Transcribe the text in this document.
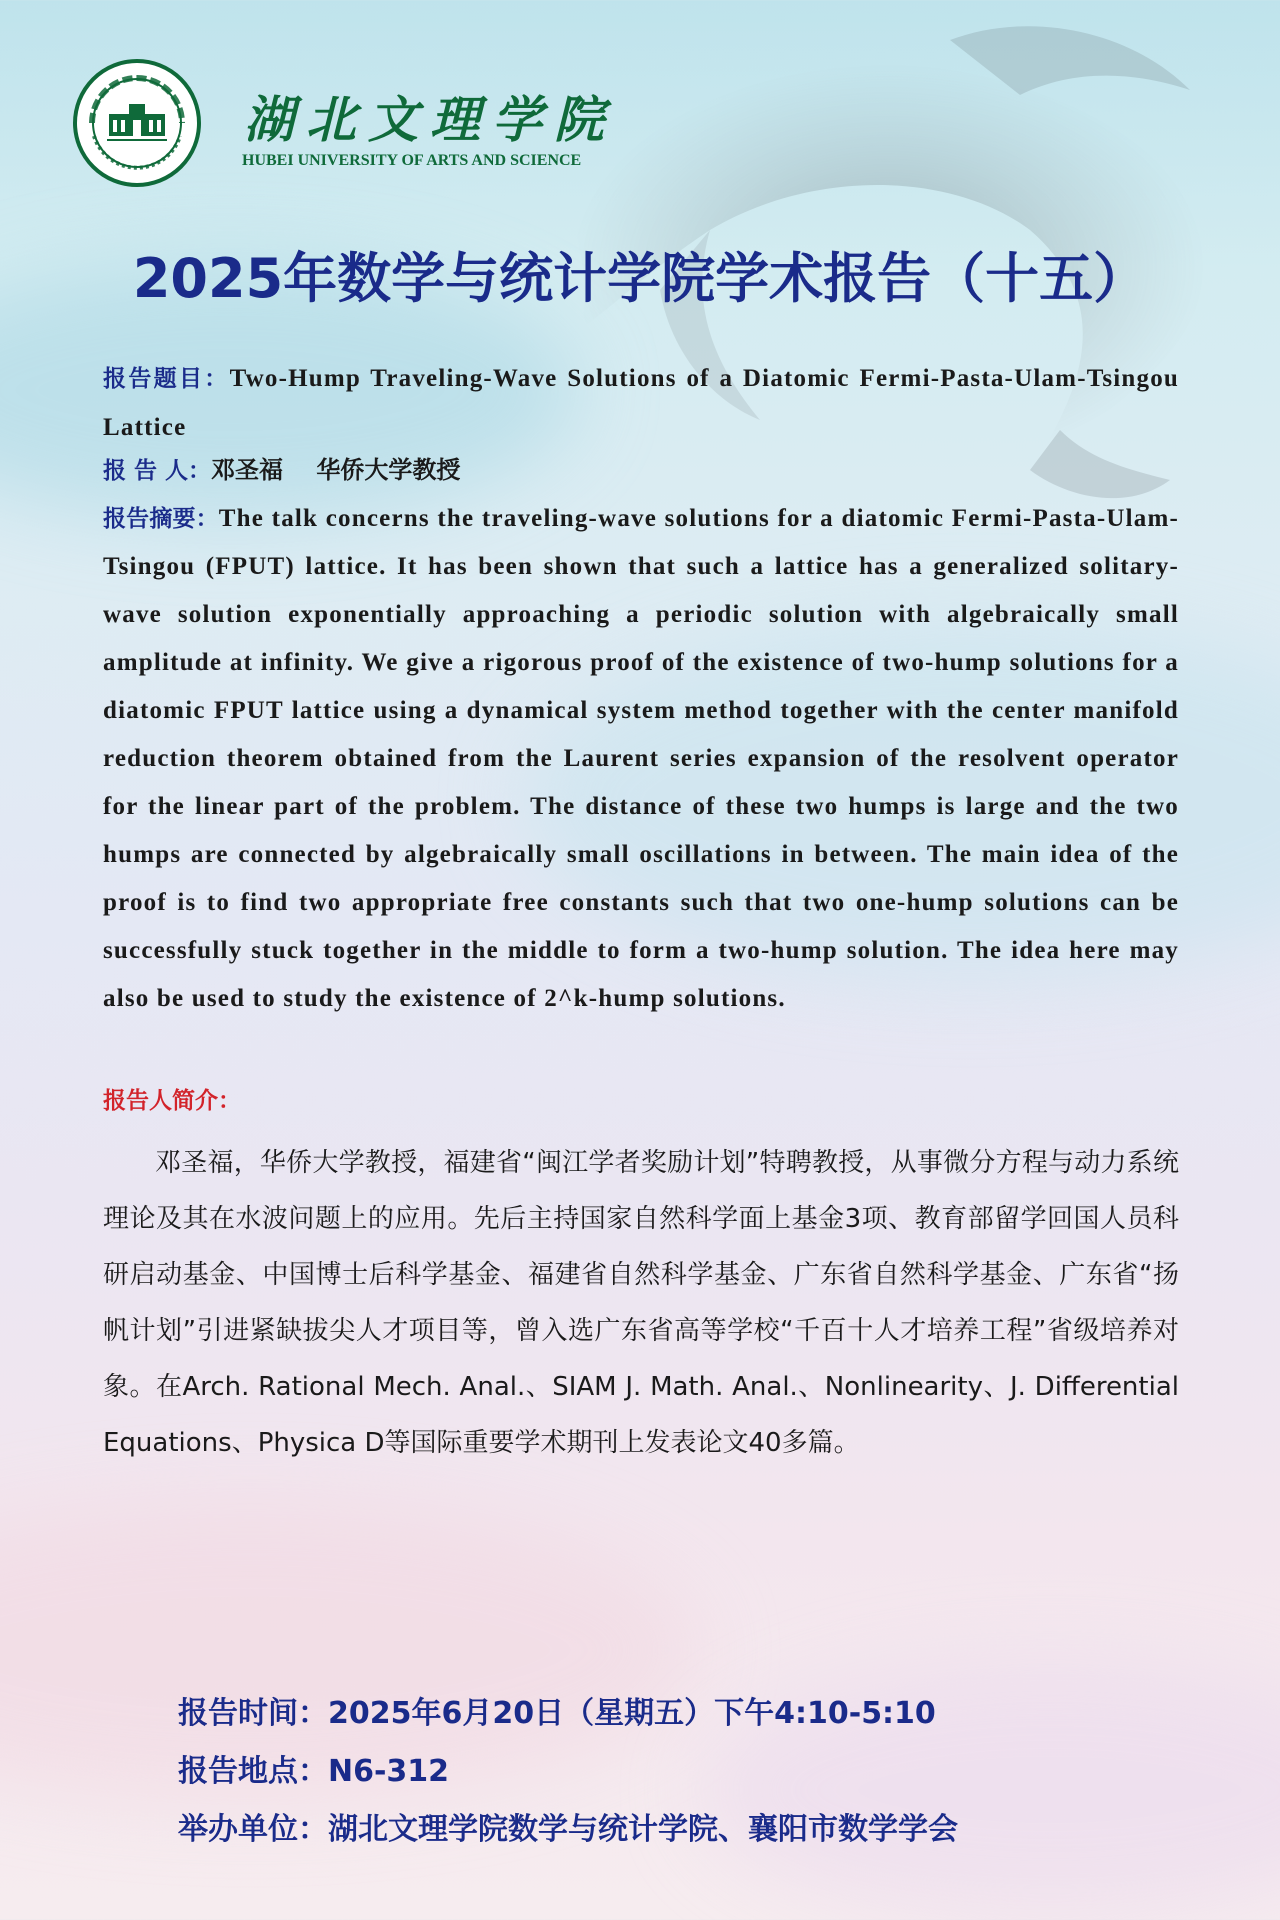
湖北文理学院
HUBEI UNIVERSITY OF ARTS AND SCIENCE
2025年数学与统计学院学术报告（十五）
报告题目：Two-Hump Traveling-Wave Solutions of a Diatomic Fermi-Pasta-Ulam-Tsingou Lattice
报 告 人：邓圣福    华侨大学教授
报告摘要：The talk concerns the traveling-wave solutions for a diatomic Fermi-Pasta-Ulam-Tsingou (FPUT) lattice. It has been shown that such a lattice has a generalized solitary-wave solution exponentially approaching a periodic solution with algebraically small amplitude at infinity. We give a rigorous proof of the existence of two-hump solutions for a diatomic FPUT lattice using a dynamical system method together with the center manifold reduction theorem obtained from the Laurent series expansion of the resolvent operator for the linear part of the problem. The distance of these two humps is large and the two humps are connected by algebraically small oscillations in between. The main idea of the proof is to find two appropriate free constants such that two one-hump solutions can be successfully stuck together in the middle to form a two-hump solution. The idea here may also be used to study the existence of 2^k-hump solutions.
报告人简介：
邓圣福，华侨大学教授，福建省“闽江学者奖励计划”特聘教授，从事微分方程与动力系统理论及其在水波问题上的应用。先后主持国家自然科学面上基金3项、教育部留学回国人员科研启动基金、中国博士后科学基金、福建省自然科学基金、广东省自然科学基金、广东省“扬帆计划”引进紧缺拔尖人才项目等，曾入选广东省高等学校“千百十人才培养工程”省级培养对象。在Arch. Rational Mech. Anal.、SIAM J. Math. Anal.、Nonlinearity、J. Differential Equations、Physica D等国际重要学术期刊上发表论文40多篇。
报告时间：2025年6月20日（星期五）下午4:10-5:10
报告地点：N6-312
举办单位：湖北文理学院数学与统计学院、襄阳市数学学会
